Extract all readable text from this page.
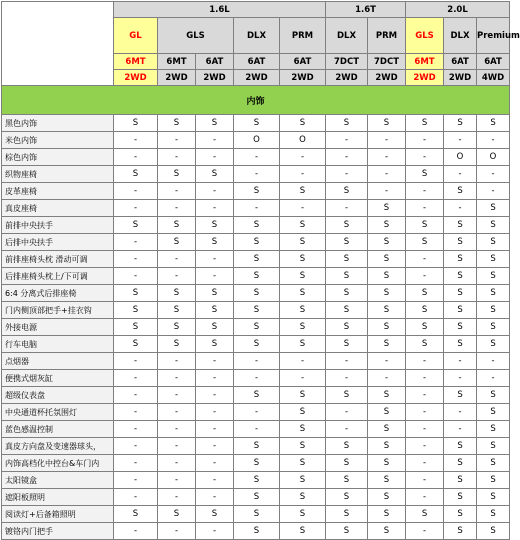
	1.6L					1.6T		2.0L		
	GL	GLS		DLX	PRM	DLX	PRM	GLS	DLX	Premium
	6MT	6MT	6AT	6AT	6AT	7DCT	7DCT	6MT	6AT	6AT
	2WD	2WD	2WD	2WD	2WD	2WD	2WD	2WD	2WD	4WD
内饰										
黑色内饰	S	S	S	S	S	S	S	S	S	S
米色内饰	-	-	-	O	O	-	-	-	-	-
棕色内饰	-	-	-	-	-	-	-	-	O	O
织物座椅	S	S	S	-	-	-	-	S	-	-
皮革座椅	-	-	-	S	S	S	-	-	S	-
真皮座椅	-	-	-	-	-	-	S	-	-	S
前排中央扶手	S	S	S	S	S	S	S	S	S	S
后排中央扶手	-	S	S	S	S	S	S	S	S	S
前排座椅头枕 滑动可调	-	-	-	S	S	S	S	-	S	S
后排座椅头枕上/下可调	-	-	-	S	S	S	S	-	S	S
6:4 分离式后排座椅	S	S	S	S	S	S	S	S	S	S
门内侧顶部把手+挂衣钩	S	S	S	S	S	S	S	S	S	S
外接电源	S	S	S	S	S	S	S	S	S	S
行车电脑	S	S	S	S	S	S	S	S	S	S
点烟器	-	-	-	-	-	-	-	-	-	-
便携式烟灰缸	-	-	-	-	-	-	-	-	-	-
超级仪表盘	-	-	-	S	S	S	S	-	S	S
中央通道杯托氛围灯	-	-	-	-	S	-	S	-	-	S
蓝色感温控制	-	-	-	-	S	-	S	-	-	S
真皮方向盘及变速器球头，	-	-	-	S	S	S	S	-	S	S
内饰高档化中控台&车门内	-	-	-	S	S	S	S	-	S	S
太阳镜盒	-	-	-	S	S	S	S	-	S	S
遮阳板照明	-	-	-	S	S	S	S	-	S	S
阅读灯+后备箱照明	S	S	S	S	S	S	S	S	S	S
镀铬内门把手	-	-	-	S	S	S	S	-	S	S
